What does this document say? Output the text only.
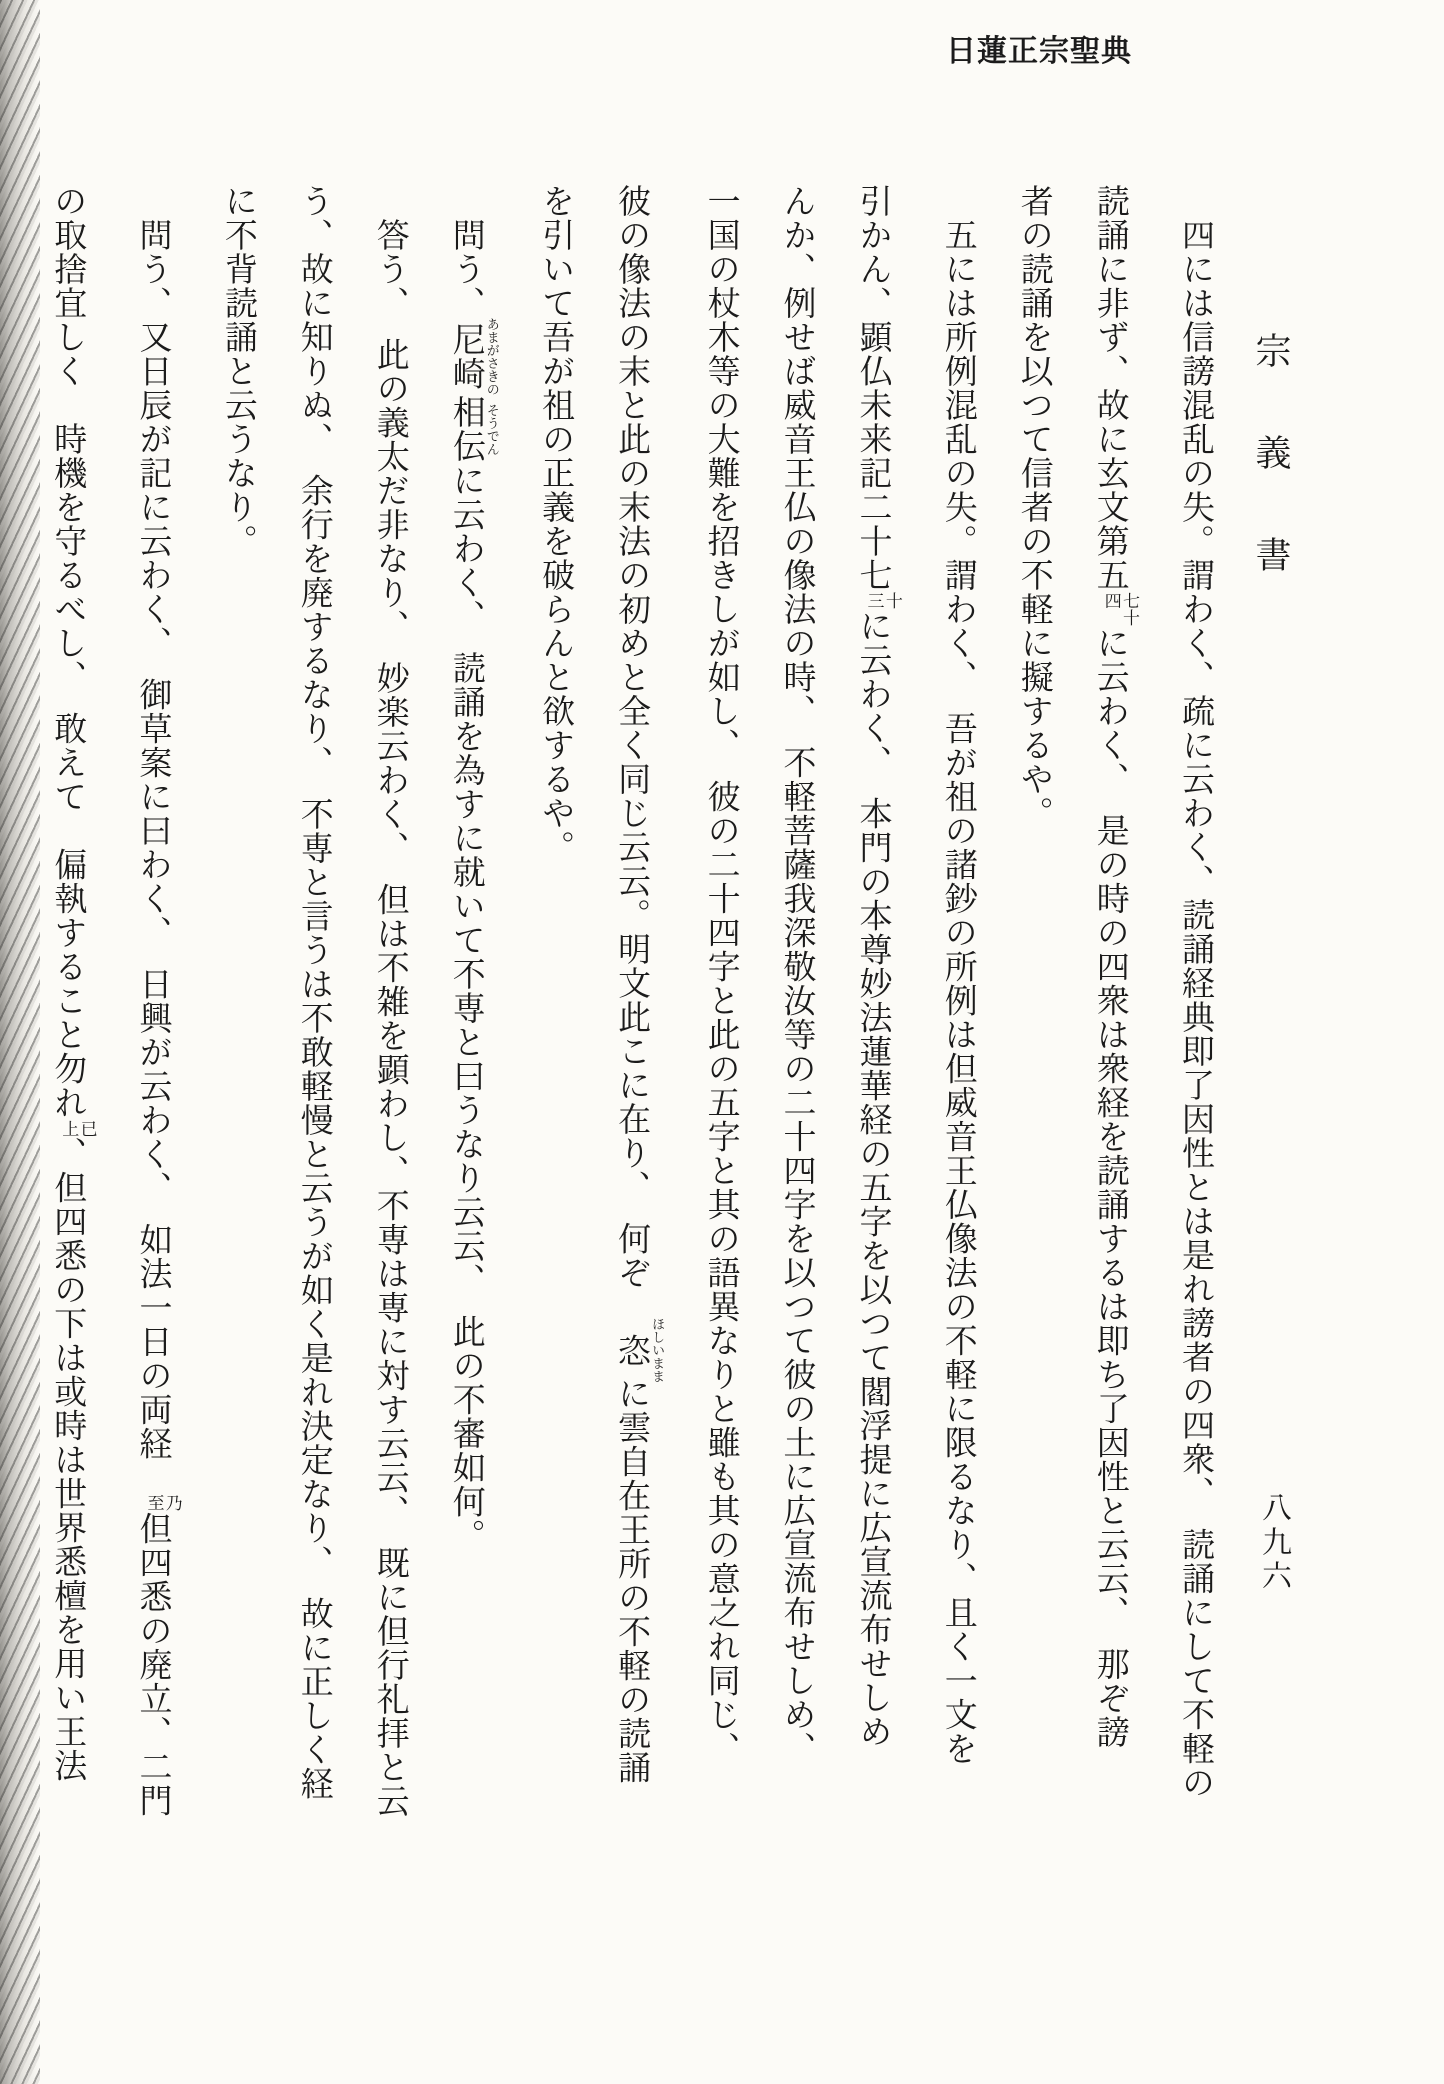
日蓮正宗聖典
宗義書
八九六
四には信謗混乱の失。謂わく、疏に云わく、読誦経典即了因性とは是れ謗者の四衆、　読誦にして不軽の
読誦に非ず、故に玄文第五
七十
四
に云わく、　是の時の四衆は衆経を読誦するは即ち了因性と云云、　那ぞ謗
者の読誦を以つて信者の不軽に擬するや。
五には所例混乱の失。謂わく、　吾が祖の諸鈔の所例は但威音王仏像法の不軽に限るなり、且く一文を
引かん、顕仏未来記二十七
十
三
に云わく、　本門の本尊妙法蓮華経の五字を以つて閻浮提に広宣流布せしめ
んか、例せば威音王仏の像法の時、　不軽菩薩我深敬汝等の二十四字を以つて彼の土に広宣流布せしめ、
一国の杖木等の大難を招きしが如し、　彼の二十四字と此の五字と其の語異なりと雖も其の意之れ同じ、
彼の像法の末と此の末法の初めと全く同じ云云。明文此こに在り、　何ぞ　恣ほしいままに雲自在王所の不軽の読誦
を引いて吾が祖の正義を破らんと欲するや。
問う、尼崎あまがさきの相伝そうでんに云わく、　読誦を為すに就いて不専と曰うなり云云、　此の不審如何。
答う、　此の義太だ非なり、　妙楽云わく、　但は不雑を顕わし、不専は専に対す云云、　既に但行礼拝と云
う、故に知りぬ、　余行を廃するなり、　不専と言うは不敢軽慢と云うが如く是れ決定なり、　故に正しく経
に不背読誦と云うなり。
問う、又日辰が記に云わく、　御草案に曰わく、　日興が云わく、　如法一日の両経
乃
至
但四悉の廃立、二門
の取捨宜しく　時機を守るべし、　敢えて　偏執すること勿れ
已
上
、但四悉の下は或時は世界悉檀を用い王法
